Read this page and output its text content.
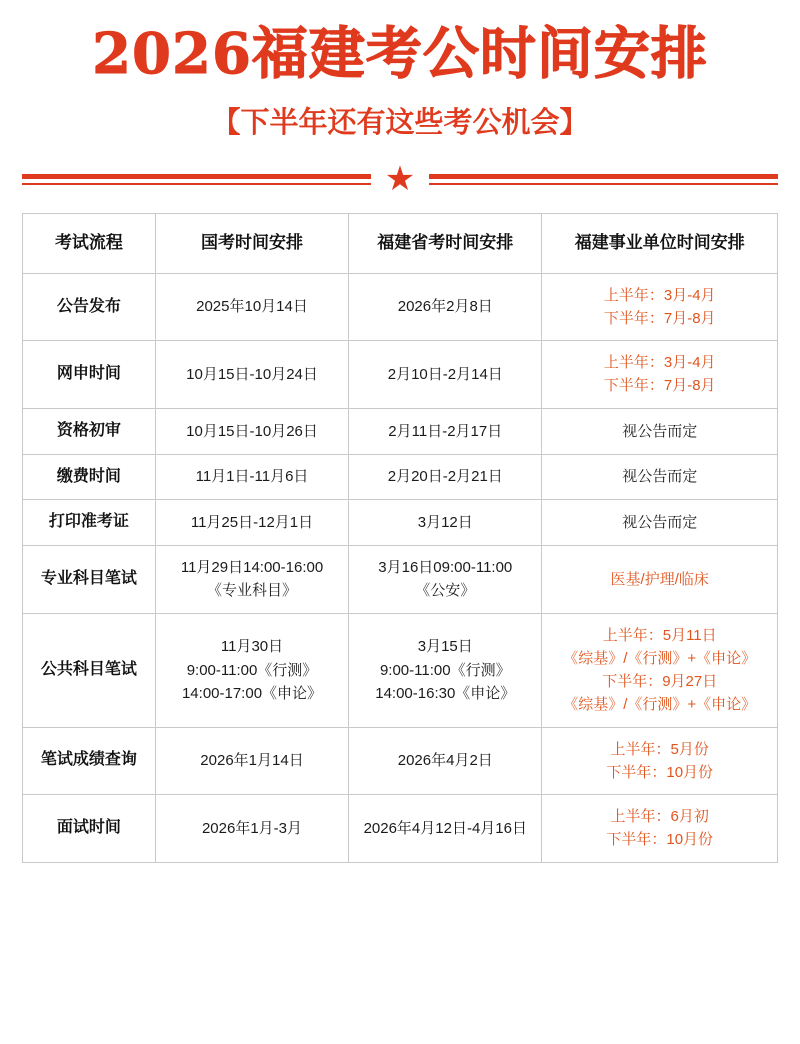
2026福建考公时间安排
【下半年还有这些考公机会】
★
考试流程	国考时间安排	福建省考时间安排	福建事业单位时间安排
公告发布	2025年10月14日	2026年2月8日	上半年：3月-4月
下半年：7月-8月

网申时间	10月15日-10月24日	2月10日-2月14日	上半年：3月-4月
下半年：7月-8月

资格初审	10月15日-10月26日	2月11日-2月17日	视公告而定

缴费时间	11月1日-11月6日	2月20日-2月21日	视公告而定

打印准考证	11月25日-12月1日	3月12日	视公告而定

专业科目笔试	11月29日14:00-16:00
《专业科目》	3月16日09:00-11:00
《公安》	医基/护理/临床

公共科目笔试	11月30日
9:00-11:00《行测》
14:00-17:00《申论》	3月15日
9:00-11:00《行测》
14:00-16:30《申论》	上半年：5月11日
《综基》/《行测》+《申论》
下半年：9月27日
《综基》/《行测》+《申论》

笔试成绩查询	2026年1月14日	2026年4月2日	上半年：5月份
下半年：10月份

面试时间	2026年1月-3月	2026年4月12日-4月16日	上半年：6月初
下半年：10月份
